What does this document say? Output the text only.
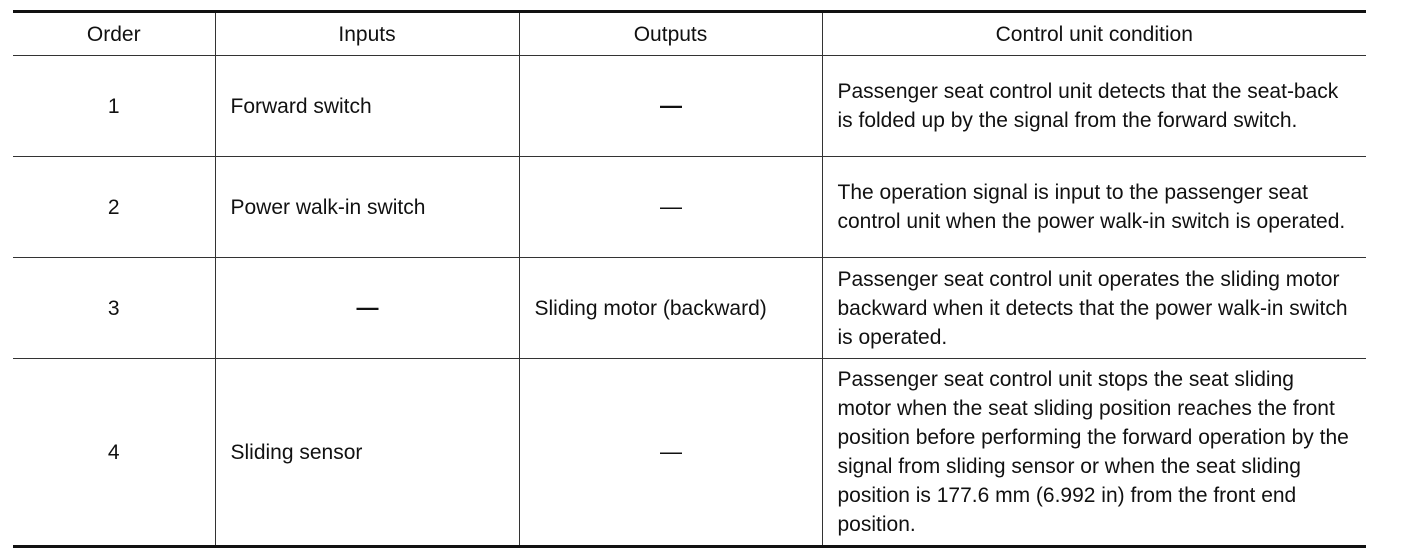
Order	Inputs	Outputs	Control unit condition
1	Forward switch	—	Passenger seat control unit detects that the seat-back is folded up by the signal from the forward switch.
2	Power walk-in switch	—	The operation signal is input to the passenger seat control unit when the power walk-in switch is operated.
3	—	Sliding motor (backward)	Passenger seat control unit operates the sliding motor backward when it detects that the power walk-in switch is operated.
4	Sliding sensor	—	Passenger seat control unit stops the seat sliding motor when the seat sliding position reaches the front position before performing the forward operation by the signal from sliding sensor or when the seat sliding position is 177.6 mm (6.992 in) from the front end position.
